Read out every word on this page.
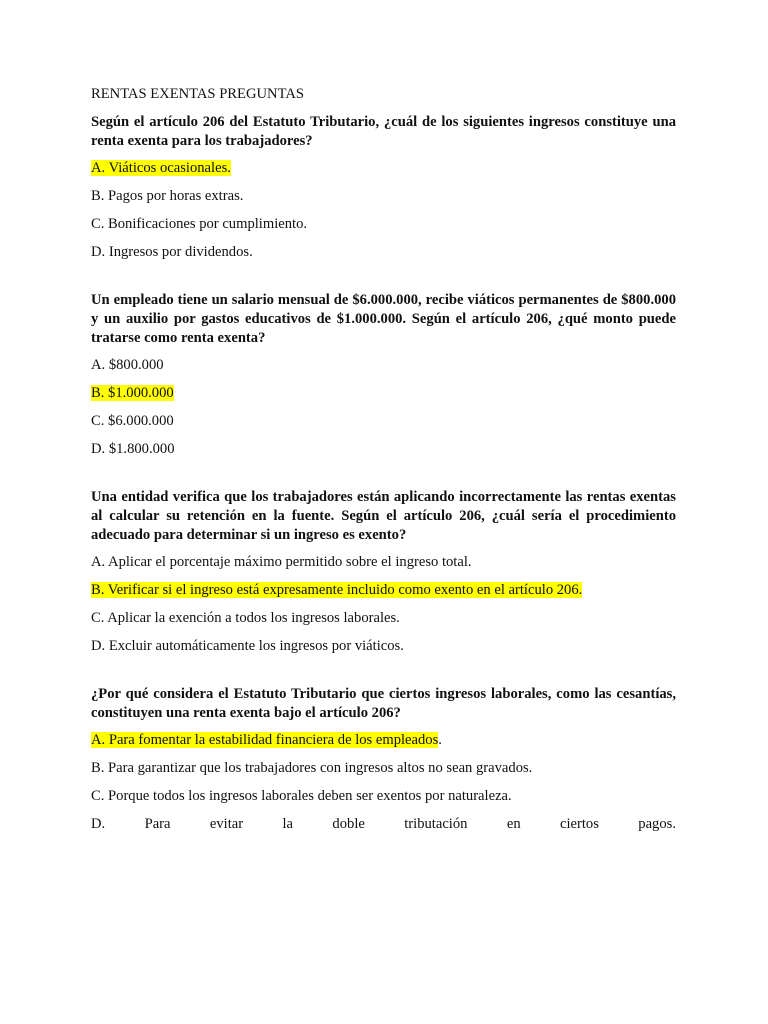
RENTAS EXENTAS PREGUNTAS
Según el artículo 206 del Estatuto Tributario, ¿cuál de los siguientes ingresos constituye una renta exenta para los trabajadores?
A. Viáticos ocasionales.
B. Pagos por horas extras.
C. Bonificaciones por cumplimiento.
D. Ingresos por dividendos.
Un empleado tiene un salario mensual de $6.000.000, recibe viáticos permanentes de $800.000 y un auxilio por gastos educativos de $1.000.000. Según el artículo 206, ¿qué monto puede tratarse como renta exenta?
A. $800.000
B. $1.000.000
C. $6.000.000
D. $1.800.000
Una entidad verifica que los trabajadores están aplicando incorrectamente las rentas exentas al calcular su retención en la fuente. Según el artículo 206, ¿cuál sería el procedimiento adecuado para determinar si un ingreso es exento?
A. Aplicar el porcentaje máximo permitido sobre el ingreso total.
B. Verificar si el ingreso está expresamente incluido como exento en el artículo 206.
C. Aplicar la exención a todos los ingresos laborales.
D. Excluir automáticamente los ingresos por viáticos.
¿Por qué considera el Estatuto Tributario que ciertos ingresos laborales, como las cesantías, constituyen una renta exenta bajo el artículo 206?
A. Para fomentar la estabilidad financiera de los empleados.
B. Para garantizar que los trabajadores con ingresos altos no sean gravados.
C. Porque todos los ingresos laborales deben ser exentos por naturaleza.
D.	Para	evitar	la	doble	tributación	en	ciertos	pagos.
